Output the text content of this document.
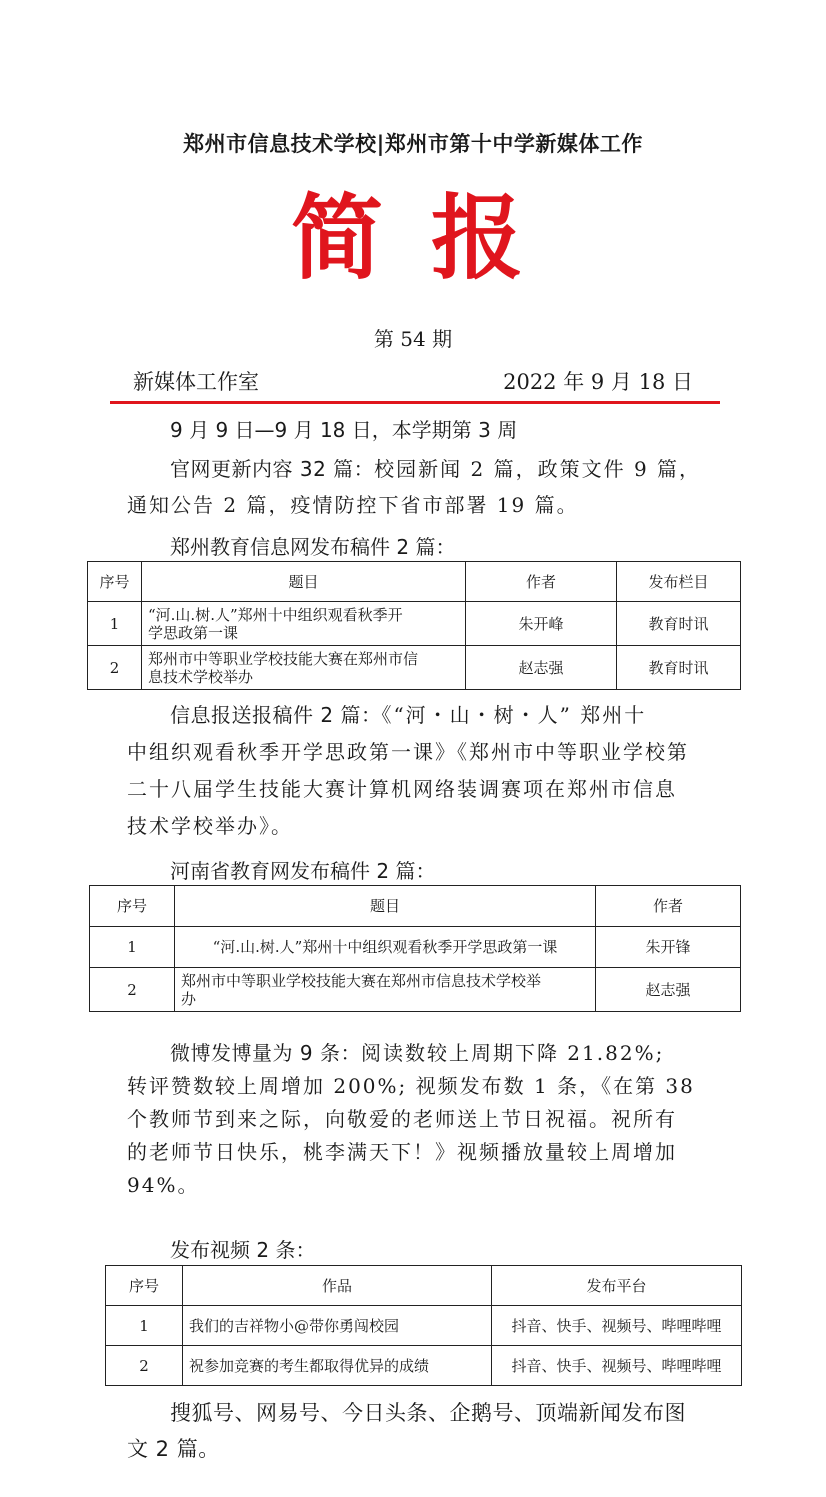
郑州市信息技术学校|郑州市第十中学新媒体工作
简报
第 54 期
新媒体工作室	2022 年 9 月 18 日
9 月 9 日—9 月 18 日，本学期第 3 周
官网更新内容 32 篇：校园新闻 2 篇，政策文件 9 篇，
通知公告 2 篇，疫情防控下省市部署 19 篇。
郑州教育信息网发布稿件 2 篇：
序号	题目	作者	发布栏目
1	“河.山.树.人”郑州十中组织观看秋季开
学思政第一课	朱开峰	教育时讯
2	郑州市中等职业学校技能大赛在郑州市信
息技术学校举办	赵志强	教育时讯
信息报送报稿件 2 篇：《“河・山・树・人” 郑州十
中组织观看秋季开学思政第一课》《郑州市中等职业学校第
二十八届学生技能大赛计算机网络装调赛项在郑州市信息
技术学校举办》。
河南省教育网发布稿件 2 篇：
序号	题目	作者
1	“河.山.树.人”郑州十中组织观看秋季开学思政第一课	朱开锋
2	郑州市中等职业学校技能大赛在郑州市信息技术学校举
办	赵志强
微博发博量为 9 条：阅读数较上周期下降 21.82%;
转评赞数较上周增加 200%; 视频发布数 1 条，《在第 38
个教师节到来之际，向敬爱的老师送上节日祝福。祝所有
的老师节日快乐，桃李满天下！》视频播放量较上周增加
94%。
发布视频 2 条：
序号	作品	发布平台
1	我们的吉祥物小@带你勇闯校园	抖音、快手、视频号、哔哩哔哩
2	祝参加竞赛的考生都取得优异的成绩	抖音、快手、视频号、哔哩哔哩
搜狐号、网易号、今日头条、企鹅号、顶端新闻发布图
文 2 篇。
